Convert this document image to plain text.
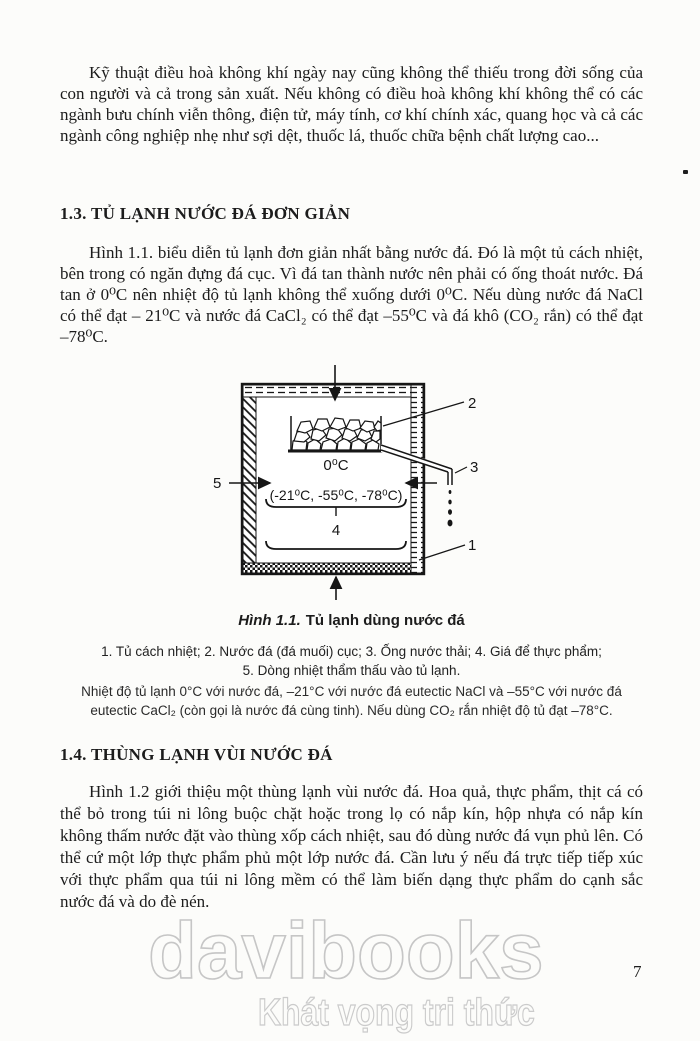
Kỹ thuật điều hoà không khí ngày nay cũng không thể thiếu trong đời sống của con người và cả trong sản xuất. Nếu không có điều hoà không khí không thể có các ngành bưu chính viễn thông, điện tử, máy tính, cơ khí chính xác, quang học và cả các ngành công nghiệp nhẹ như sợi dệt, thuốc lá, thuốc chữa bệnh chất lượng cao...

1.3. TỦ LẠNH NƯỚC ĐÁ ĐƠN GIẢN

Hình 1.1. biểu diễn tủ lạnh đơn giản nhất bằng nước đá. Đó là một tủ cách nhiệt, bên trong có ngăn đựng đá cục. Vì đá tan thành nước nên phải có ống thoát nước. Đá tan ở 0⁰C nên nhiệt độ tủ lạnh không thể xuống dưới 0⁰C. Nếu dùng nước đá NaCl có thể đạt – 21⁰C và nước đá CaCl₂ có thể đạt –55⁰C và đá khô (CO₂ rắn) có thể đạt –78⁰C.

2
3
5
4
1
0⁰C
(-21⁰C, -55⁰C, -78⁰C)
Hình 1.1. Tủ lạnh dùng nước đá
1. Tủ cách nhiệt; 2. Nước đá (đá muối) cục; 3. Ống nước thải; 4. Giá để thực phẩm;
5. Dòng nhiệt thẩm thấu vào tủ lạnh.
Nhiệt độ tủ lạnh 0°C với nước đá, –21°C với nước đá eutectic NaCl và –55°C với nước đá
eutectic CaCl₂ (còn gọi là nước đá cùng tinh). Nếu dùng CO₂ rắn nhiệt độ tủ đạt –78°C.
1.4. THÙNG LẠNH VÙI NƯỚC ĐÁ

Hình 1.2 giới thiệu một thùng lạnh vùi nước đá. Hoa quả, thực phẩm, thịt cá có thể bỏ trong túi ni lông buộc chặt hoặc trong lọ có nắp kín, hộp nhựa có nắp kín không thấm nước đặt vào thùng xốp cách nhiệt, sau đó dùng nước đá vụn phủ lên. Có thể cứ một lớp thực phẩm phủ một lớp nước đá. Cần lưu ý nếu đá trực tiếp tiếp xúc với thực phẩm qua túi ni lông mềm có thể làm biến dạng thực phẩm do cạnh sắc nước đá và do đè nén.

davibooks
Khát vọng tri thức
7
